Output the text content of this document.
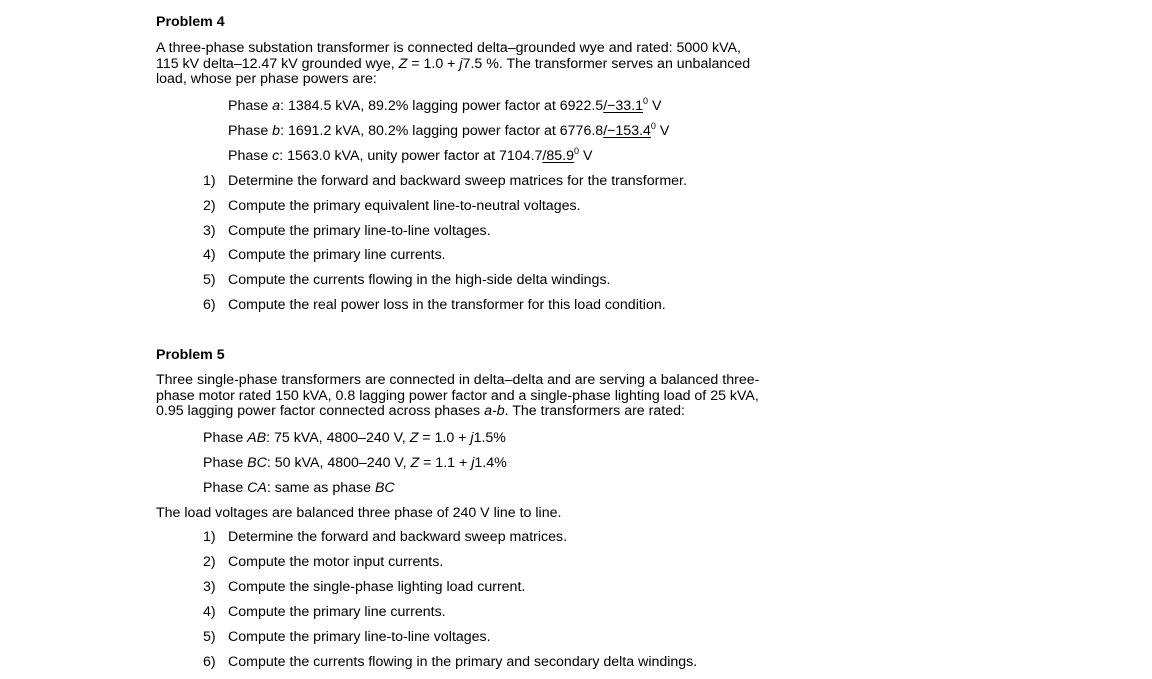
Problem 4
A three-phase substation transformer is connected delta–grounded wye and rated: 5000 kVA,
115 kV delta–12.47 kV grounded wye, Z = 1.0 + j7.5 %. The transformer serves an unbalanced
load, whose per phase powers are:
Phase a: 1384.5 kVA, 89.2% lagging power factor at $6922.5/-33.1^0$ V
Phase b: 1691.2 kVA, 80.2% lagging power factor at $6776.8/-153.4^0$ V
Phase c: 1563.0 kVA, unity power factor at 7104.7/85.9$^0$ V
1) Determine the forward and backward sweep matrices for the transformer.
2) Compute the primary equivalent line-to-neutral voltages.
3) Compute the primary line-to-line voltages.
4) Compute the primary line currents.
5) Compute the currents flowing in the high-side delta windings.
6) Compute the real power loss in the transformer for this load condition.
Problem 5
Three single-phase transformers are connected in delta–delta and are serving a balanced three-
phase motor rated 150 kVA, 0.8 lagging power factor and a single-phase lighting load of 25 kVA,
0.95 lagging power factor connected across phases a-b. The transformers are rated:
Phase AB: 75 kVA, 4800–240 V, Z = 1.0 + j1.5%
Phase BC: 50 kVA, 4800–240 V, Z = 1.1 + j1.4%
Phase CA: same as phase BC
The load voltages are balanced three phase of 240 V line to line.
1) Determine the forward and backward sweep matrices.
2) Compute the motor input currents.
3) Compute the single-phase lighting load current.
4) Compute the primary line currents.
5) Compute the primary line-to-line voltages.
6) Compute the currents flowing in the primary and secondary delta windings.
